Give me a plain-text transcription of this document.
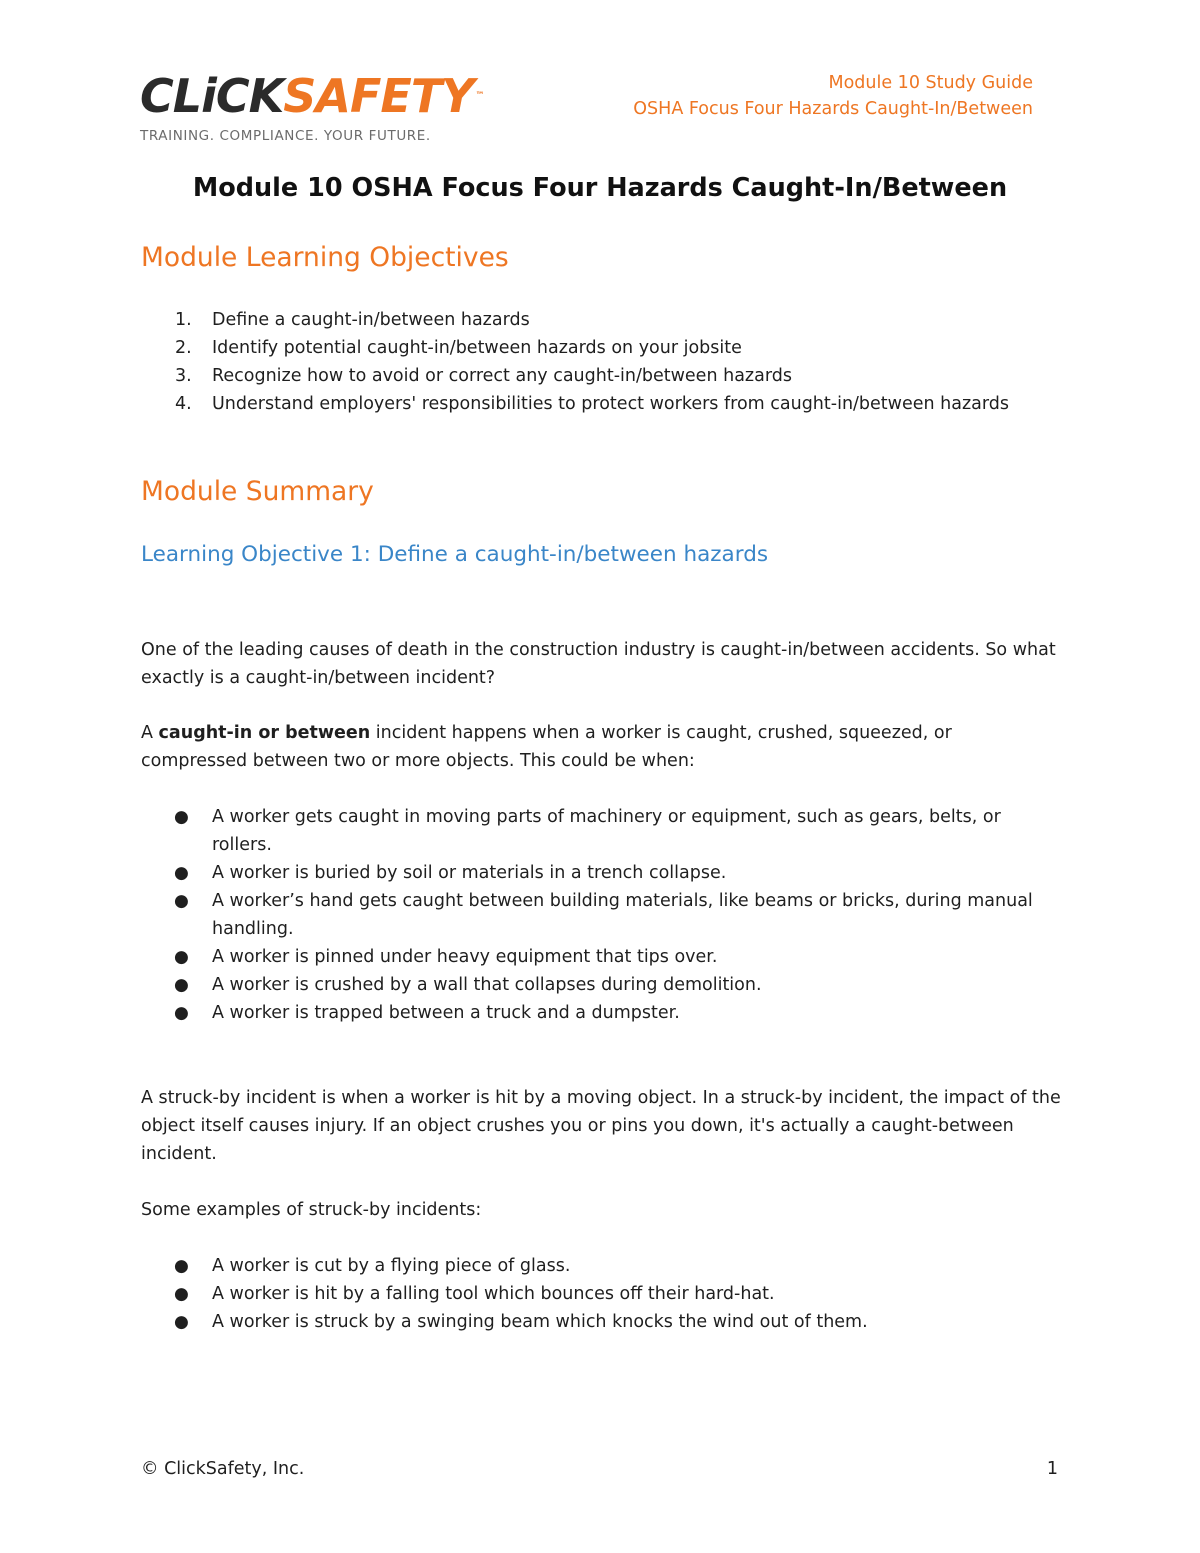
CLiCKSAFETY ™
TRAINING. COMPLIANCE. YOUR FUTURE.
Module 10 Study Guide
OSHA Focus Four Hazards Caught-In/Between
Module 10 OSHA Focus Four Hazards Caught-In/Between
Module Learning Objectives
1. Define a caught-in/between hazards
2. Identify potential caught-in/between hazards on your jobsite
3. Recognize how to avoid or correct any caught-in/between hazards
4. Understand employers' responsibilities to protect workers from caught-in/between hazards
Module Summary
Learning Objective 1: Define a caught-in/between hazards

One of the leading causes of death in the construction industry is caught-in/between accidents. So what exactly is a caught-in/between incident?

A caught-in or between incident happens when a worker is caught, crushed, squeezed, or compressed between two or more objects. This could be when:

● A worker gets caught in moving parts of machinery or equipment, such as gears, belts, or rollers.
● A worker is buried by soil or materials in a trench collapse.
● A worker’s hand gets caught between building materials, like beams or bricks, during manual handling.
● A worker is pinned under heavy equipment that tips over.
● A worker is crushed by a wall that collapses during demolition.
● A worker is trapped between a truck and a dumpster.

A struck-by incident is when a worker is hit by a moving object. In a struck-by incident, the impact of the object itself causes injury. If an object crushes you or pins you down, it's actually a caught-between incident.

Some examples of struck-by incidents:

● A worker is cut by a flying piece of glass.
● A worker is hit by a falling tool which bounces off their hard-hat.
● A worker is struck by a swinging beam which knocks the wind out of them.
© ClickSafety, Inc.	1
